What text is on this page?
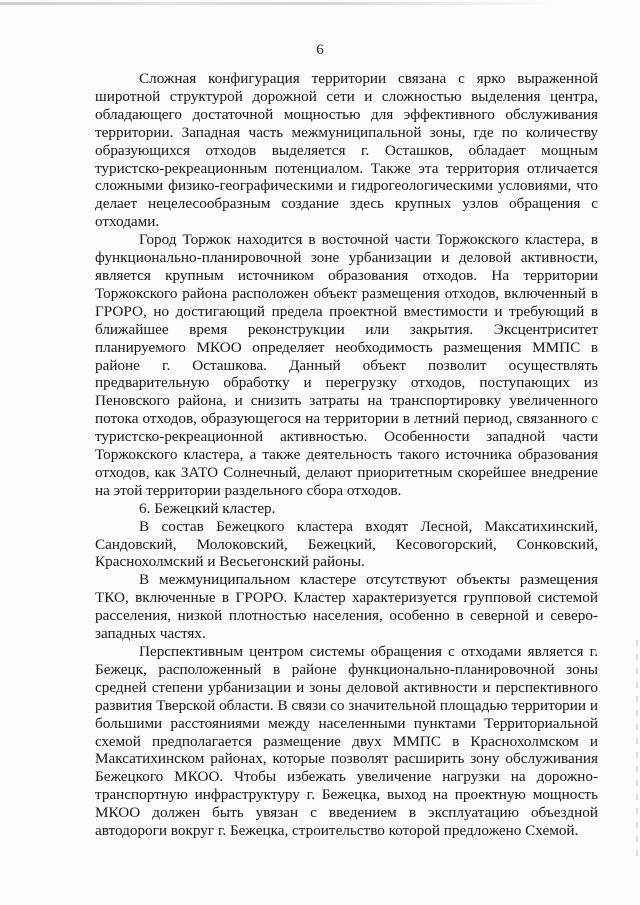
6

Сложная конфигурация территории связана с ярко выраженной широтной структурой дорожной сети и сложностью выделения центра, обладающего достаточной мощностью для эффективного обслуживания территории. Западная часть межмуниципальной зоны, где по количеству образующихся отходов выделяется г. Осташков, обладает мощным туристско-рекреационным потенциалом. Также эта территория отличается сложными физико-географическими и гидрогеологическими условиями, что делает нецелесообразным создание здесь крупных узлов обращения с отходами.

Город Торжок находится в восточной части Торжокского кластера, в функционально-планировочной зоне урбанизации и деловой активности, является крупным источником образования отходов. На территории Торжокского района расположен объект размещения отходов, включенный в ГРОРО, но достигающий предела проектной вместимости и требующий в ближайшее время реконструкции или закрытия. Эксцентриситет планируемого МКОО определяет необходимость размещения ММПС в районе г. Осташкова. Данный объект позволит осуществлять предварительную обработку и перегрузку отходов, поступающих из Пеновского района, и снизить затраты на транспортировку увеличенного потока отходов, образующегося на территории в летний период, связанного с туристско-рекреационной активностью. Особенности западной части Торжокского кластера, а также деятельность такого источника образования отходов, как ЗАТО Солнечный, делают приоритетным скорейшее внедрение на этой территории раздельного сбора отходов.

6. Бежецкий кластер.

В состав Бежецкого кластера входят Лесной, Максатихинский, Сандовский, Молоковский, Бежецкий, Кесовогорский, Сонковский, Краснохолмский и Весьегонский районы.

В межмуниципальном кластере отсутствуют объекты размещения ТКО, включенные в ГРОРО. Кластер характеризуется групповой системой расселения, низкой плотностью населения, особенно в северной и северо-западных частях.

Перспективным центром системы обращения с отходами является г. Бежецк, расположенный в районе функционально-планировочной зоны средней степени урбанизации и зоны деловой активности и перспективного развития Тверской области. В связи со значительной площадью территории и большими расстояниями между населенными пунктами Территориальной схемой предполагается размещение двух ММПС в Краснохолмском и Максатихинском районах, которые позволят расширить зону обслуживания Бежецкого МКОО. Чтобы избежать увеличение нагрузки на дорожно-транспортную инфраструктуру г. Бежецка, выход на проектную мощность МКОО должен быть увязан с введением в эксплуатацию объездной автодороги вокруг г. Бежецка, строительство которой предложено Схемой.
